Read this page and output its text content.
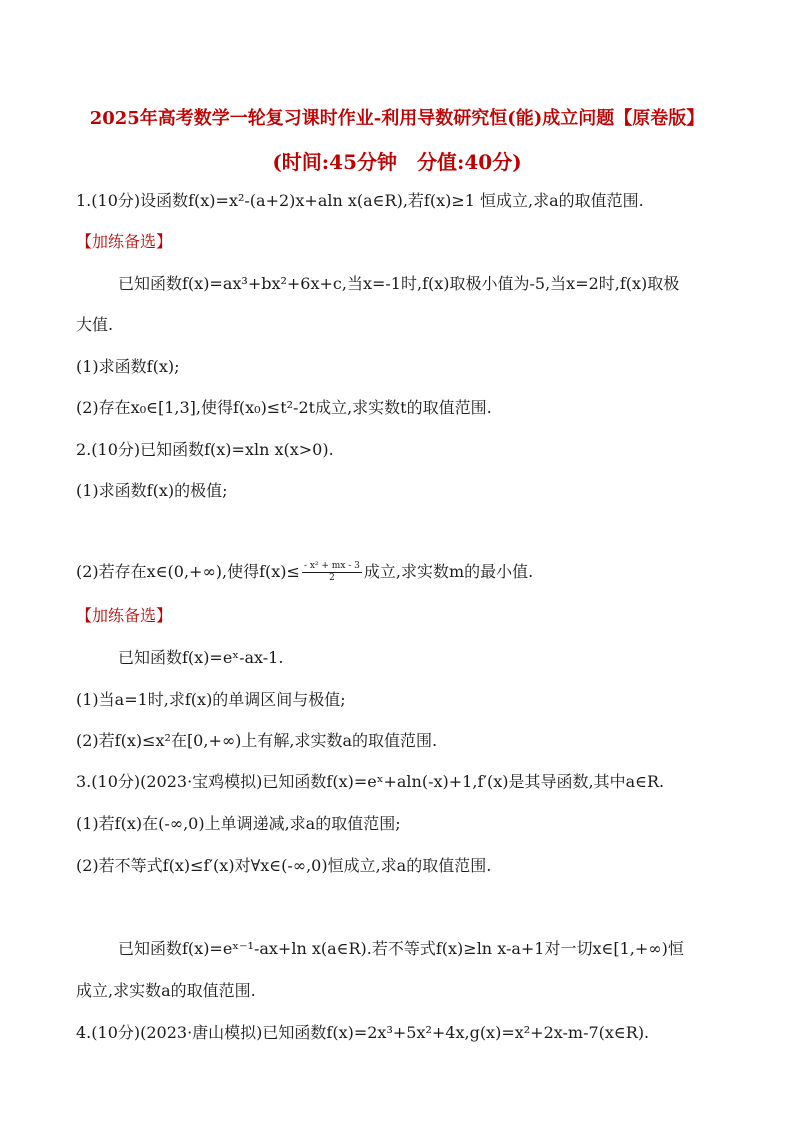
2025年高考数学一轮复习课时作业-利用导数研究恒(能)成立问题【原卷版】
(时间:45分钟　分值:40分)
1.(10分)设函数f(x)=x²-(a+2)x+aln x(a∈R),若f(x)≥1 恒成立,求a的取值范围.
【加练备选】
已知函数f(x)=ax³+bx²+6x+c,当x=-1时,f(x)取极小值为-5,当x=2时,f(x)取极
大值.
(1)求函数f(x);
(2)存在x₀∈[1,3],使得f(x₀)≤t²-2t成立,求实数t的取值范围.
2.(10分)已知函数f(x)=xln x(x>0).
(1)求函数f(x)的极值;
(2)若存在x∈(0,+∞),使得$f(x)\le \frac{\text{- x² + mx - 3}}{2}$ 成立,求实数m的最小值.
【加练备选】
已知函数f(x)=eˣ-ax-1.
(1)当a=1时,求f(x)的单调区间与极值;
(2)若f(x)≤x²在[0,+∞)上有解,求实数a的取值范围.
3.(10分)(2023·宝鸡模拟)已知函数f(x)=eˣ+aln(-x)+1,f′(x)是其导函数,其中a∈R.
(1)若f(x)在(-∞,0)上单调递减,求a的取值范围;
(2)若不等式f(x)≤f′(x)对∀x∈(-∞,0)恒成立,求a的取值范围.
已知函数f(x)=eˣ⁻¹-ax+ln x(a∈R).若不等式f(x)≥ln x-a+1对一切x∈[1,+∞)恒
成立,求实数a的取值范围.
4.(10分)(2023·唐山模拟)已知函数f(x)=2x³+5x²+4x,g(x)=x²+2x-m-7(x∈R).
